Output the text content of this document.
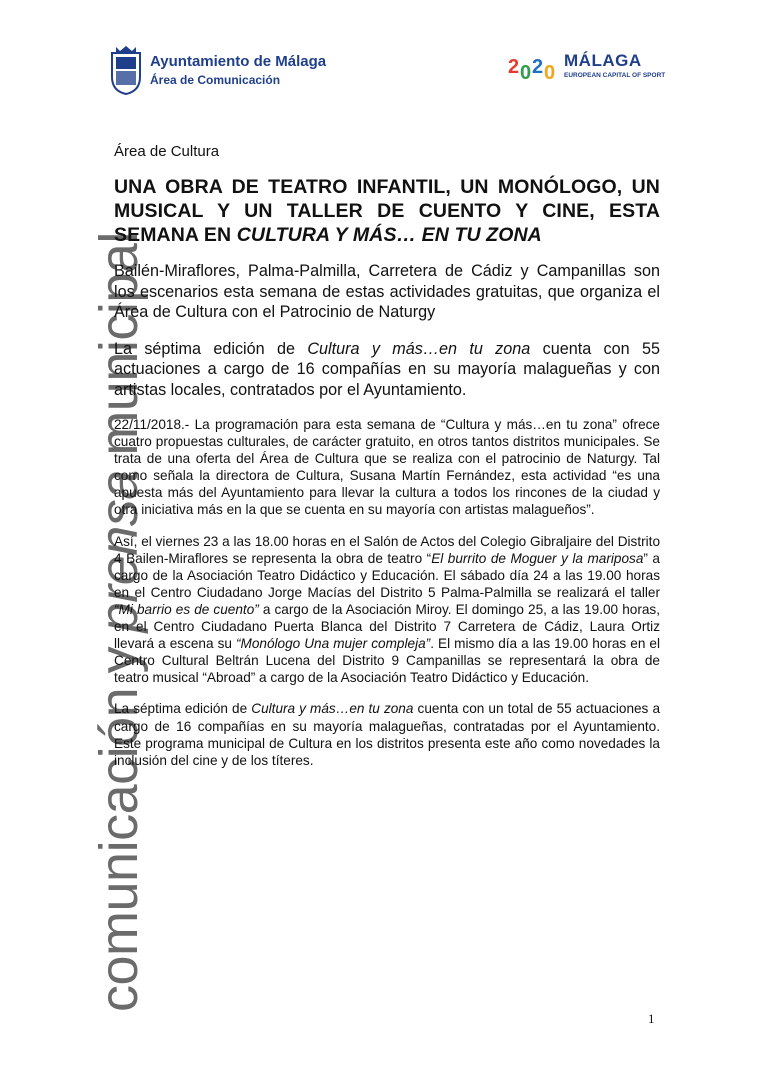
comunicación y prensa municipal
Ayuntamiento de Málaga
Área de Comunicación
2 0 2 0
MÁLAGA
EUROPEAN CAPITAL OF SPORT

Área de Cultura

UNA OBRA DE TEATRO INFANTIL, UN MONÓLOGO, UN MUSICAL Y UN TALLER DE CUENTO Y CINE, ESTA SEMANA EN CULTURA Y MÁS… EN TU ZONA

Bailén-Miraflores, Palma-Palmilla, Carretera de Cádiz y Campanillas son los escenarios esta semana de estas actividades gratuitas, que organiza el Área de Cultura con el Patrocinio de Naturgy

La séptima edición de Cultura y más…en tu zona cuenta con 55 actuaciones a cargo de 16 compañías en su mayoría malagueñas y con artistas locales, contratados por el Ayuntamiento.

22/11/2018.- La programación para esta semana de “Cultura y más…en tu zona” ofrece cuatro propuestas culturales, de carácter gratuito, en otros tantos distritos municipales. Se trata de una oferta del Área de Cultura que se realiza con el patrocinio de Naturgy. Tal como señala la directora de Cultura, Susana Martín Fernández, esta actividad “es una apuesta más del Ayuntamiento para llevar la cultura a todos los rincones de la ciudad y otra iniciativa más en la que se cuenta en su mayoría con artistas malagueños”.

Así, el viernes 23 a las 18.00 horas en el Salón de Actos del Colegio Gibraljaire del Distrito 4 Bailen-Miraflores se representa la obra de teatro “El burrito de Moguer y la mariposa” a cargo de la Asociación Teatro Didáctico y Educación. El sábado día 24 a las 19.00 horas en el Centro Ciudadano Jorge Macías del Distrito 5 Palma-Palmilla se realizará el taller “Mi barrio es de cuento” a cargo de la Asociación Miroy. El domingo 25, a las 19.00 horas, en el Centro Ciudadano Puerta Blanca del Distrito 7 Carretera de Cádiz, Laura Ortiz llevará a escena su “Monólogo Una mujer compleja”. El mismo día a las 19.00 horas en el Centro Cultural Beltrán Lucena del Distrito 9 Campanillas se representará la obra de teatro musical “Abroad” a cargo de la Asociación Teatro Didáctico y Educación.

La séptima edición de Cultura y más…en tu zona cuenta con un total de 55 actuaciones a cargo de 16 compañías en su mayoría malagueñas, contratadas por el Ayuntamiento. Este programa municipal de Cultura en los distritos presenta este año como novedades la inclusión del cine y de los títeres.

1
